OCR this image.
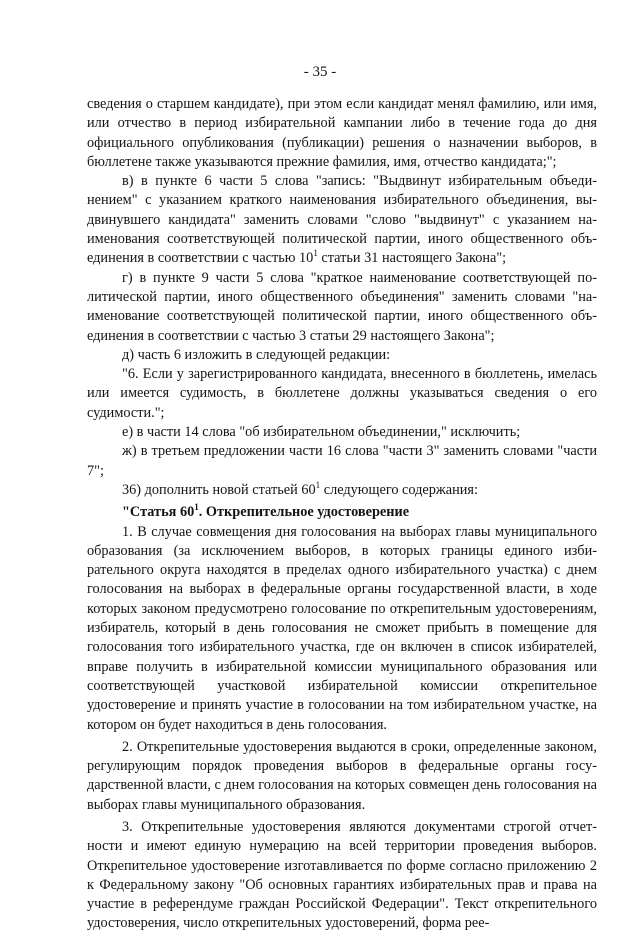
- 35 -

сведения о старшем кандидате), при этом если кандидат менял фамилию, или имя, или отчество в период избирательной кампании либо в течение года до дня официального опубликования (публикации) решения о назначении выборов, в бюллетене также указываются прежние фамилия, имя, отчество кандидата;";

в) в пункте 6 части 5 слова "запись: "Выдвинут избирательным объединением" с указанием краткого наименования избирательного объединения, выдвинувшего кандидата" заменить словами "слово "выдвинут" с указанием наименования соответствующей политической партии, иного общественного объединения в соответствии с частью $10^1$ статьи 31 настоящего Закона";

г) в пункте 9 части 5 слова "краткое наименование соответствующей политической партии, иного общественного объединения" заменить словами "наименование соответствующей политической партии, иного общественного объединения в соответствии с частью 3 статьи 29 настоящего Закона";

д) часть 6 изложить в следующей редакции:

"6. Если у зарегистрированного кандидата, внесенного в бюллетень, имелась или имеется судимость, в бюллетене должны указываться сведения о его судимости.";

е) в части 14 слова "об избирательном объединении," исключить;

ж) в третьем предложении части 16 слова "части 3" заменить словами "части 7";

36) дополнить новой статьей $60^1$ следующего содержания:

"Статья $60^1$. Открепительное удостоверение

1. В случае совмещения дня голосования на выборах главы муниципального образования (за исключением выборов, в которых границы единого избирательного округа находятся в пределах одного избирательного участка) с днем голосования на выборах в федеральные органы государственной власти, в ходе которых законом предусмотрено голосование по открепительным удостоверениям, избиратель, который в день голосования не сможет прибыть в помещение для голосования того избирательного участка, где он включен в список избирателей, вправе получить в избирательной комиссии муниципального образования или соответствующей участковой избирательной комиссии открепительное удостоверение и принять участие в голосовании на том избирательном участке, на котором он будет находиться в день голосования.

2. Открепительные удостоверения выдаются в сроки, определенные законом, регулирующим порядок проведения выборов в федеральные органы государственной власти, с днем голосования на которых совмещен день голосования на выборах главы муниципального образования.

3. Открепительные удостоверения являются документами строгой отчетности и имеют единую нумерацию на всей территории проведения выборов. Открепительное удостоверение изготавливается по форме согласно приложению 2 к Федеральному закону "Об основных гарантиях избирательных прав и права на участие в референдуме граждан Российской Федерации". Текст открепительного удостоверения, число открепительных удостоверений, форма рее-
